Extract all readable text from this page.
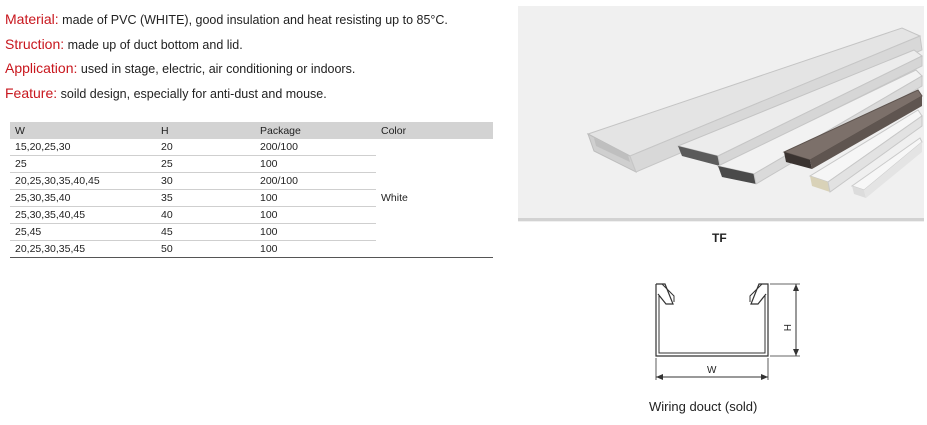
Material: made of PVC (WHITE), good insulation and heat resisting up to 85°C.
Struction: made up of duct bottom and lid.
Application: used in stage, electric, air conditioning or indoors.
Feature: soild design, especially for anti-dust and mouse.
W	H	Package	Color
15,20,25,30	20	200/100	White
25	25	100	
20,25,30,35,40,45	30	200/100	
25,30,35,40	35	100	
25,30,35,40,45	40	100	
25,45	45	100	
20,25,30,35,45	50	100	
TF
W
H
Wiring douct (sold)
